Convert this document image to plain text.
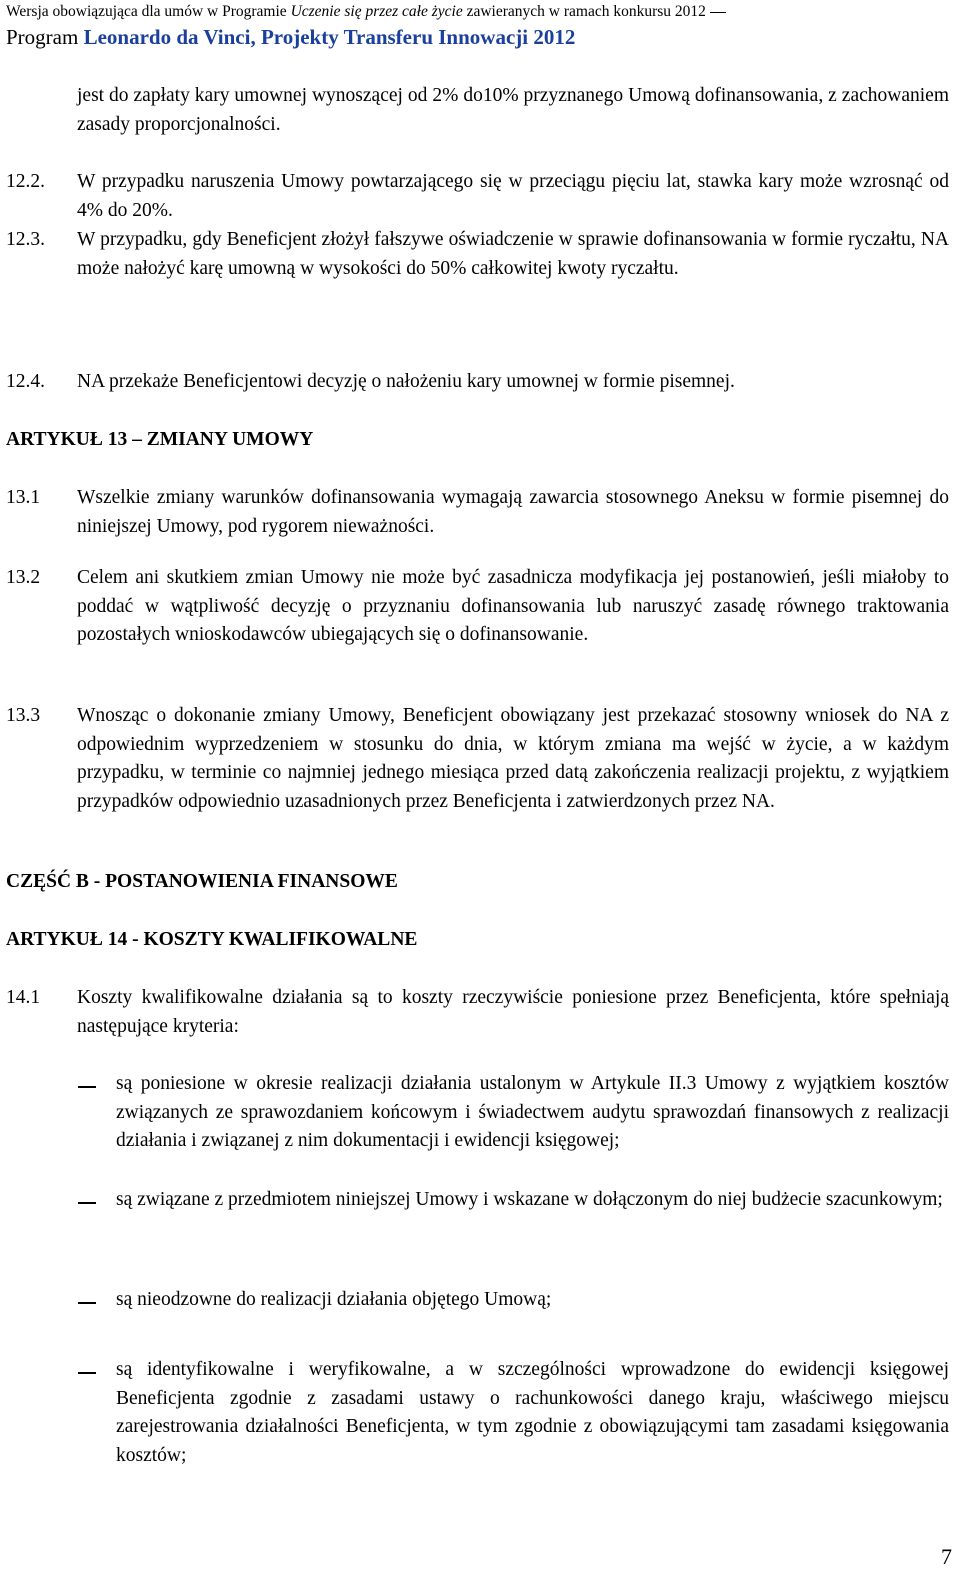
Wersja obowiązująca dla umów w Programie Uczenie się przez całe życie zawieranych w ramach konkursu 2012
Program Leonardo da Vinci, Projekty Transferu Innowacji 2012
jest do zapłaty kary umownej wynoszącej od 2% do10% przyznanego Umową dofinansowania, z zachowaniem zasady proporcjonalności.
12.2. W przypadku naruszenia Umowy powtarzającego się w przeciągu pięciu lat, stawka kary może wzrosnąć od 4% do 20%.
12.3. W przypadku, gdy Beneficjent złożył fałszywe oświadczenie w sprawie dofinansowania w formie ryczałtu, NA może nałożyć karę umowną w wysokości do 50% całkowitej kwoty ryczałtu.
12.4. NA przekaże Beneficjentowi decyzję o nałożeniu kary umownej w formie pisemnej.
ARTYKUŁ 13 – ZMIANY UMOWY
13.1 Wszelkie zmiany warunków dofinansowania wymagają zawarcia stosownego Aneksu w formie pisemnej do niniejszej Umowy, pod rygorem nieważności.
13.2 Celem ani skutkiem zmian Umowy nie może być zasadnicza modyfikacja jej postanowień, jeśli miałoby to poddać w wątpliwość decyzję o przyznaniu dofinansowania lub naruszyć zasadę równego traktowania pozostałych wnioskodawców ubiegających się o dofinansowanie.
13.3 Wnosząc o dokonanie zmiany Umowy, Beneficjent obowiązany jest przekazać stosowny wniosek do NA z odpowiednim wyprzedzeniem w stosunku do dnia, w którym zmiana ma wejść w życie, a w każdym przypadku, w terminie co najmniej jednego miesiąca przed datą zakończenia realizacji projektu, z wyjątkiem przypadków odpowiednio uzasadnionych przez Beneficjenta i zatwierdzonych przez NA.
CZĘŚĆ B - POSTANOWIENIA FINANSOWE
ARTYKUŁ 14 - KOSZTY KWALIFIKOWALNE
14.1 Koszty kwalifikowalne działania są to koszty rzeczywiście poniesione przez Beneficjenta, które spełniają następujące kryteria:
są poniesione w okresie realizacji działania ustalonym w Artykule II.3 Umowy z wyjątkiem kosztów związanych ze sprawozdaniem końcowym i świadectwem audytu sprawozdań finansowych z realizacji działania i związanej z nim dokumentacji i ewidencji księgowej;
są związane z przedmiotem niniejszej Umowy i wskazane w dołączonym do niej budżecie szacunkowym;
są nieodzowne do realizacji działania objętego Umową;
są identyfikowalne i weryfikowalne, a w szczególności wprowadzone do ewidencji księgowej Beneficjenta zgodnie z zasadami ustawy o rachunkowości danego kraju, właściwego miejscu zarejestrowania działalności Beneficjenta, w tym zgodnie z obowiązującymi tam zasadami księgowania kosztów;
7
